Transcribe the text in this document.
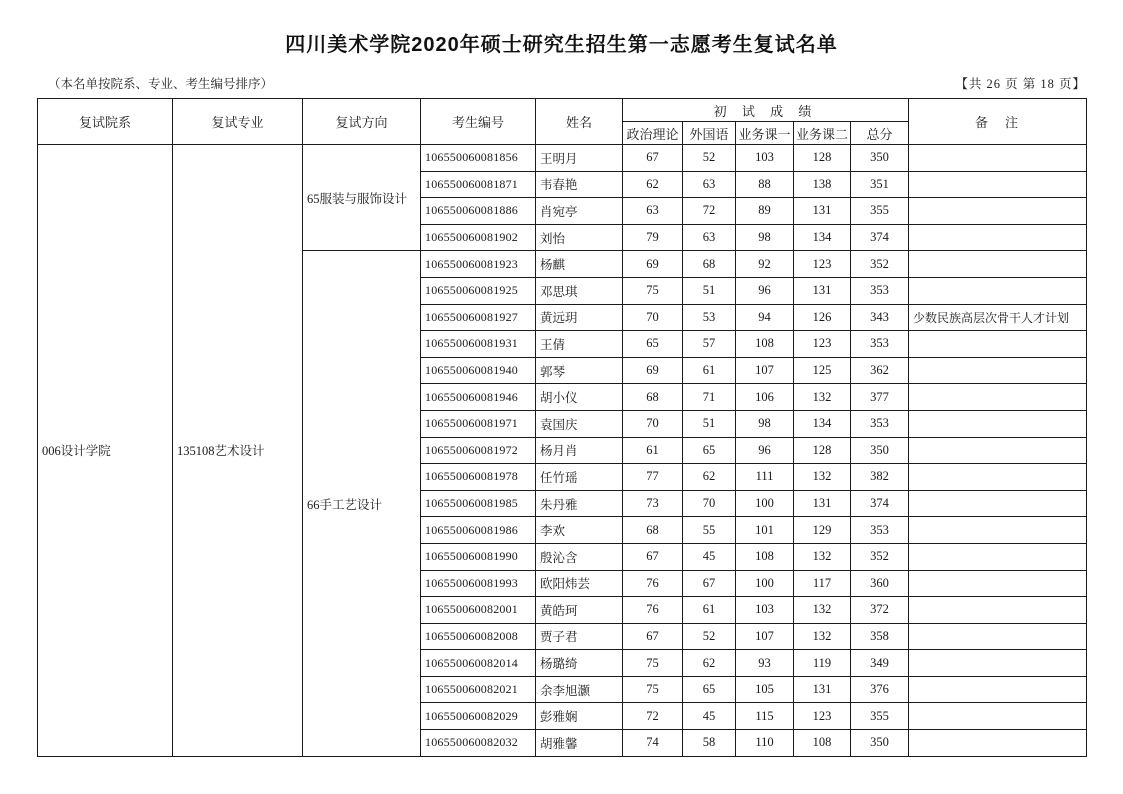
四川美术学院2020年硕士研究生招生第一志愿考生复试名单
（本名单按院系、专业、考生编号排序）	【共 26 页 第 18 页】
复试院系	复试专业	复试方向	考生编号	姓名	初 试 成 绩					备　注
					政治理论	外国语	业务课一	业务课二	总分	
006设计学院	135108艺术设计	65服装与服饰设计	106550060081856	王明月	67	52	103	128	350	
			106550060081871	韦春艳	62	63	88	138	351	
			106550060081886	肖宛亭	63	72	89	131	355	
			106550060081902	刘怡	79	63	98	134	374	
		66手工艺设计	106550060081923	杨麒	69	68	92	123	352	
			106550060081925	邓思琪	75	51	96	131	353	
			106550060081927	黄远玥	70	53	94	126	343	少数民族高层次骨干人才计划
			106550060081931	王倩	65	57	108	123	353	
			106550060081940	郭琴	69	61	107	125	362	
			106550060081946	胡小仪	68	71	106	132	377	
			106550060081971	袁国庆	70	51	98	134	353	
			106550060081972	杨月肖	61	65	96	128	350	
			106550060081978	任竹瑶	77	62	111	132	382	
			106550060081985	朱丹雅	73	70	100	131	374	
			106550060081986	李欢	68	55	101	129	353	
			106550060081990	殷沁含	67	45	108	132	352	
			106550060081993	欧阳炜芸	76	67	100	117	360	
			106550060082001	黄皓珂	76	61	103	132	372	
			106550060082008	贾子君	67	52	107	132	358	
			106550060082014	杨璐绮	75	62	93	119	349	
			106550060082021	余李旭灏	75	65	105	131	376	
			106550060082029	彭雅娴	72	45	115	123	355	
			106550060082032	胡雅馨	74	58	110	108	350	
